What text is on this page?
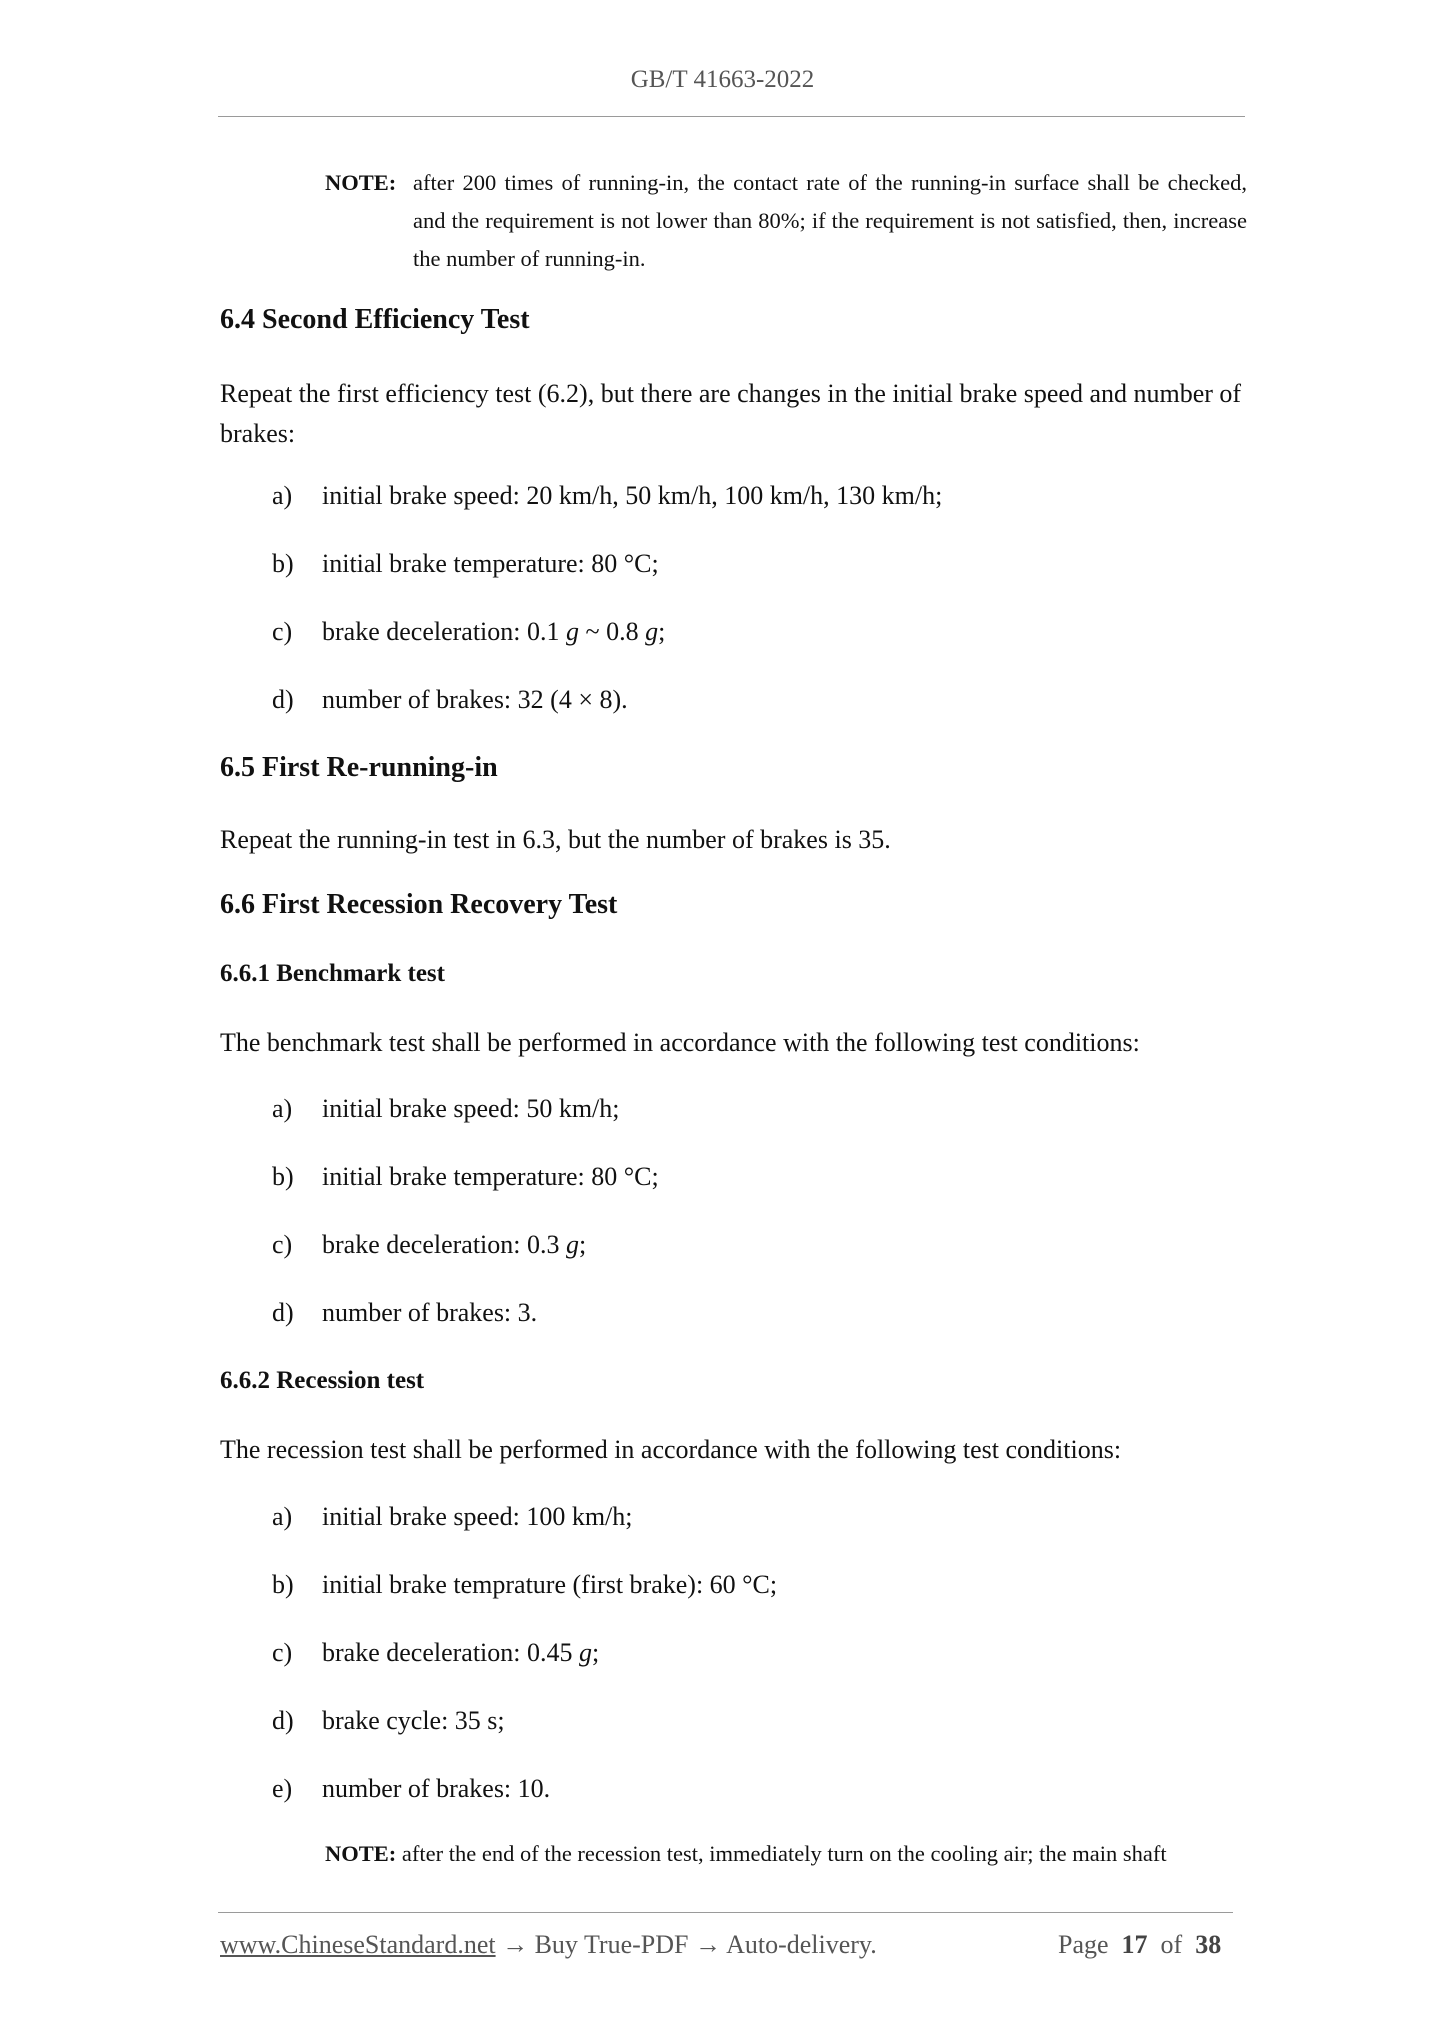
GB/T 41663-2022
NOTE: after 200 times of running-in, the contact rate of the running-in surface shall be checked, and the requirement is not lower than 80%; if the requirement is not satisfied, then, increase the number of running-in.
6.4 Second Efficiency Test
Repeat the first efficiency test (6.2), but there are changes in the initial brake speed and number of brakes:
a) initial brake speed: 20 km/h, 50 km/h, 100 km/h, 130 km/h;
b) initial brake temperature: 80 °C;
c) brake deceleration: 0.1 g ~ 0.8 g;
d) number of brakes: 32 (4 × 8).
6.5 First Re-running-in
Repeat the running-in test in 6.3, but the number of brakes is 35.
6.6 First Recession Recovery Test
6.6.1 Benchmark test
The benchmark test shall be performed in accordance with the following test conditions:
a) initial brake speed: 50 km/h;
b) initial brake temperature: 80 °C;
c) brake deceleration: 0.3 g;
d) number of brakes: 3.
6.6.2 Recession test
The recession test shall be performed in accordance with the following test conditions:
a) initial brake speed: 100 km/h;
b) initial brake temprature (first brake): 60 °C;
c) brake deceleration: 0.45 g;
d) brake cycle: 35 s;
e) number of brakes: 10.
NOTE: after the end of the recession test, immediately turn on the cooling air; the main shaft
www.ChineseStandard.net → Buy True-PDF → Auto-delivery.	Page 17 of 38
